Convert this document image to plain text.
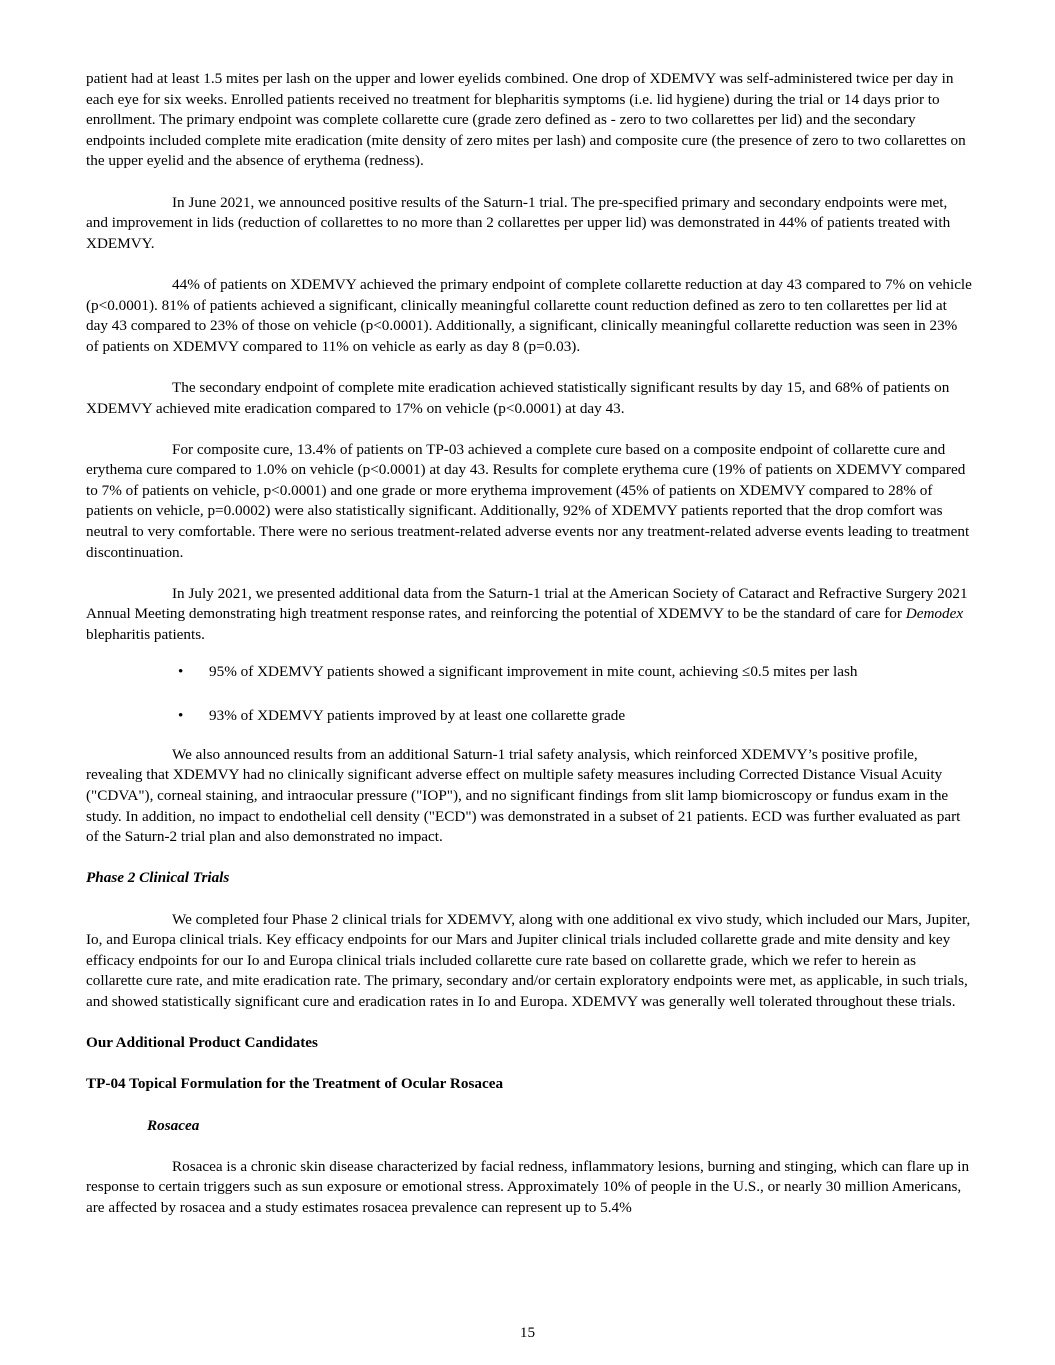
patient had at least 1.5 mites per lash on the upper and lower eyelids combined. One drop of XDEMVY was self-administered twice per day in each eye for six weeks. Enrolled patients received no treatment for blepharitis symptoms (i.e. lid hygiene) during the trial or 14 days prior to enrollment. The primary endpoint was complete collarette cure (grade zero defined as - zero to two collarettes per lid) and the secondary endpoints included complete mite eradication (mite density of zero mites per lash) and composite cure (the presence of zero to two collarettes on the upper eyelid and the absence of erythema (redness).

In June 2021, we announced positive results of the Saturn-1 trial. The pre-specified primary and secondary endpoints were met, and improvement in lids (reduction of collarettes to no more than 2 collarettes per upper lid) was demonstrated in 44% of patients treated with XDEMVY.

44% of patients on XDEMVY achieved the primary endpoint of complete collarette reduction at day 43 compared to 7% on vehicle (p<0.0001). 81% of patients achieved a significant, clinically meaningful collarette count reduction defined as zero to ten collarettes per lid at day 43 compared to 23% of those on vehicle (p<0.0001). Additionally, a significant, clinically meaningful collarette reduction was seen in 23% of patients on XDEMVY compared to 11% on vehicle as early as day 8 (p=0.03).

The secondary endpoint of complete mite eradication achieved statistically significant results by day 15, and 68% of patients on XDEMVY achieved mite eradication compared to 17% on vehicle (p<0.0001) at day 43.

For composite cure, 13.4% of patients on TP-03 achieved a complete cure based on a composite endpoint of collarette cure and erythema cure compared to 1.0% on vehicle (p<0.0001) at day 43. Results for complete erythema cure (19% of patients on XDEMVY compared to 7% of patients on vehicle, p<0.0001) and one grade or more erythema improvement (45% of patients on XDEMVY compared to 28% of patients on vehicle, p=0.0002) were also statistically significant. Additionally, 92% of XDEMVY patients reported that the drop comfort was neutral to very comfortable. There were no serious treatment-related adverse events nor any treatment-related adverse events leading to treatment discontinuation.

In July 2021, we presented additional data from the Saturn-1 trial at the American Society of Cataract and Refractive Surgery 2021 Annual Meeting demonstrating high treatment response rates, and reinforcing the potential of XDEMVY to be the standard of care for Demodex blepharitis patients.

• 95% of XDEMVY patients showed a significant improvement in mite count, achieving ≤0.5 mites per lash
• 93% of XDEMVY patients improved by at least one collarette grade

We also announced results from an additional Saturn-1 trial safety analysis, which reinforced XDEMVY’s positive profile, revealing that XDEMVY had no clinically significant adverse effect on multiple safety measures including Corrected Distance Visual Acuity ("CDVA"), corneal staining, and intraocular pressure ("IOP"), and no significant findings from slit lamp biomicroscopy or fundus exam in the study. In addition, no impact to endothelial cell density ("ECD") was demonstrated in a subset of 21 patients. ECD was further evaluated as part of the Saturn-2 trial plan and also demonstrated no impact.

Phase 2 Clinical Trials

We completed four Phase 2 clinical trials for XDEMVY, along with one additional ex vivo study, which included our Mars, Jupiter, Io, and Europa clinical trials. Key efficacy endpoints for our Mars and Jupiter clinical trials included collarette grade and mite density and key efficacy endpoints for our Io and Europa clinical trials included collarette cure rate based on collarette grade, which we refer to herein as collarette cure rate, and mite eradication rate. The primary, secondary and/or certain exploratory endpoints were met, as applicable, in such trials, and showed statistically significant cure and eradication rates in Io and Europa. XDEMVY was generally well tolerated throughout these trials.

Our Additional Product Candidates

TP-04 Topical Formulation for the Treatment of Ocular Rosacea

Rosacea

Rosacea is a chronic skin disease characterized by facial redness, inflammatory lesions, burning and stinging, which can flare up in response to certain triggers such as sun exposure or emotional stress. Approximately 10% of people in the U.S., or nearly 30 million Americans, are affected by rosacea and a study estimates rosacea prevalence can represent up to 5.4%

15
